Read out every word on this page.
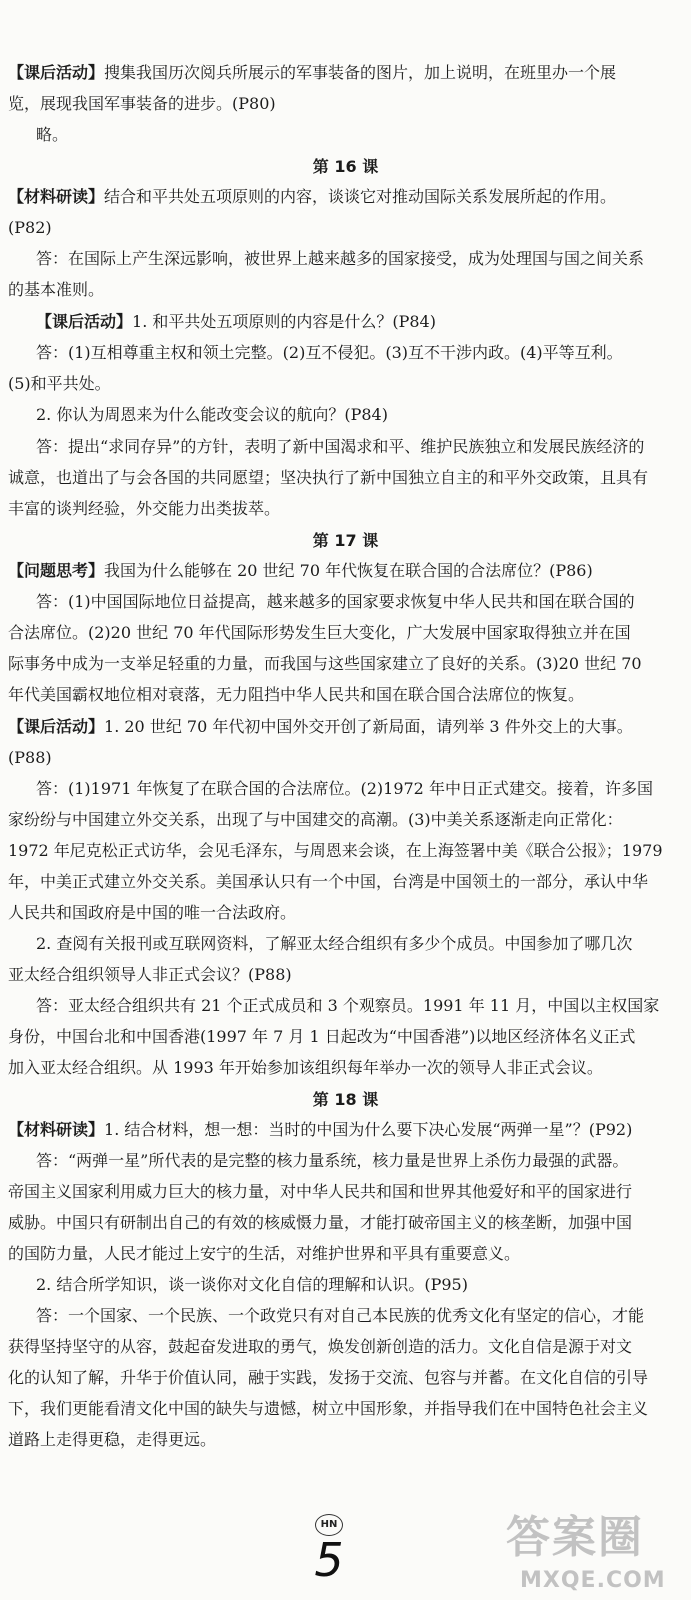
【课后活动】搜集我国历次阅兵所展示的军事装备的图片，加上说明，在班里办一个展
览，展现我国军事装备的进步。(P80)
略。
第 16 课
【材料研读】结合和平共处五项原则的内容，谈谈它对推动国际关系发展所起的作用。
(P82)
答：在国际上产生深远影响，被世界上越来越多的国家接受，成为处理国与国之间关系
的基本准则。
【课后活动】1. 和平共处五项原则的内容是什么？(P84)
答：(1)互相尊重主权和领土完整。(2)互不侵犯。(3)互不干涉内政。(4)平等互利。
(5)和平共处。
2. 你认为周恩来为什么能改变会议的航向？(P84)
答：提出“求同存异”的方针，表明了新中国渴求和平、维护民族独立和发展民族经济的
诚意，也道出了与会各国的共同愿望；坚决执行了新中国独立自主的和平外交政策，且具有
丰富的谈判经验，外交能力出类拔萃。
第 17 课
【问题思考】我国为什么能够在 20 世纪 70 年代恢复在联合国的合法席位？(P86)
答：(1)中国国际地位日益提高，越来越多的国家要求恢复中华人民共和国在联合国的
合法席位。(2)20 世纪 70 年代国际形势发生巨大变化，广大发展中国家取得独立并在国
际事务中成为一支举足轻重的力量，而我国与这些国家建立了良好的关系。(3)20 世纪 70
年代美国霸权地位相对衰落，无力阻挡中华人民共和国在联合国合法席位的恢复。
【课后活动】1. 20 世纪 70 年代初中国外交开创了新局面，请列举 3 件外交上的大事。
(P88)
答：(1)1971 年恢复了在联合国的合法席位。(2)1972 年中日正式建交。接着，许多国
家纷纷与中国建立外交关系，出现了与中国建交的高潮。(3)中美关系逐渐走向正常化：
1972 年尼克松正式访华，会见毛泽东，与周恩来会谈，在上海签署中美《联合公报》；1979
年，中美正式建立外交关系。美国承认只有一个中国，台湾是中国领土的一部分，承认中华
人民共和国政府是中国的唯一合法政府。
2. 查阅有关报刊或互联网资料，了解亚太经合组织有多少个成员。中国参加了哪几次
亚太经合组织领导人非正式会议？(P88)
答：亚太经合组织共有 21 个正式成员和 3 个观察员。1991 年 11 月，中国以主权国家
身份，中国台北和中国香港(1997 年 7 月 1 日起改为“中国香港”)以地区经济体名义正式
加入亚太经合组织。从 1993 年开始参加该组织每年举办一次的领导人非正式会议。
第 18 课
【材料研读】1. 结合材料，想一想：当时的中国为什么要下决心发展“两弹一星”？(P92)
答：“两弹一星”所代表的是完整的核力量系统，核力量是世界上杀伤力最强的武器。
帝国主义国家利用威力巨大的核力量，对中华人民共和国和世界其他爱好和平的国家进行
威胁。中国只有研制出自己的有效的核威慑力量，才能打破帝国主义的核垄断，加强中国
的国防力量，人民才能过上安宁的生活，对维护世界和平具有重要意义。
2. 结合所学知识，谈一谈你对文化自信的理解和认识。(P95)
答：一个国家、一个民族、一个政党只有对自己本民族的优秀文化有坚定的信心，才能
获得坚持坚守的从容，鼓起奋发进取的勇气，焕发创新创造的活力。文化自信是源于对文
化的认知了解，升华于价值认同，融于实践，发扬于交流、包容与并蓄。在文化自信的引导
下，我们更能看清文化中国的缺失与遗憾，树立中国形象，并指导我们在中国特色社会主义
道路上走得更稳，走得更远。
HN
5	答案圈
MXQE.COM
